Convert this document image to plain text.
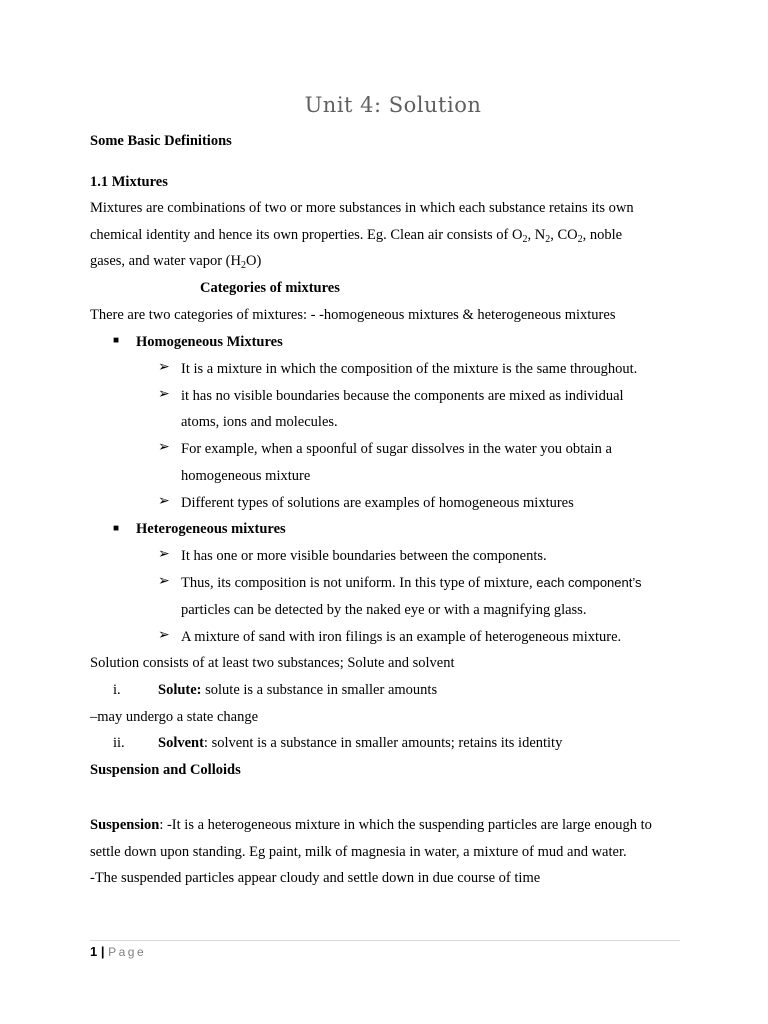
Unit 4: Solution
Some Basic Definitions
1.1 Mixtures
Mixtures are combinations of two or more substances in which each substance retains its own
chemical identity and hence its own properties. Eg. Clean air consists of $O_2$, $N_2$, $CO_2$, noble
gases, and water vapor $(H_2O)$
Categories of mixtures
There are two categories of mixtures: - -homogeneous mixtures & heterogeneous mixtures
■ Homogeneous Mixtures
➢ It is a mixture in which the composition of the mixture is the same throughout.
➢ it has no visible boundaries because the components are mixed as individual
atoms, ions and molecules.
➢ For example, when a spoonful of sugar dissolves in the water you obtain a
homogeneous mixture
➢ Different types of solutions are examples of homogeneous mixtures
■ Heterogeneous mixtures
➢ It has one or more visible boundaries between the components.
➢ Thus, its composition is not uniform. In this type of mixture, each component’s
particles can be detected by the naked eye or with a magnifying glass.
➢ A mixture of sand with iron filings is an example of heterogeneous mixture.
Solution consists of at least two substances; Solute and solvent
i.	Solute: solute is a substance in smaller amounts
–may undergo a state change
ii. Solvent: solvent is a substance in smaller amounts; retains its identity
Suspension and Colloids
Suspension: -It is a heterogeneous mixture in which the suspending particles are large enough to
settle down upon standing. Eg paint, milk of magnesia in water, a mixture of mud and water.
-The suspended particles appear cloudy and settle down in due course of time
1 | Page
